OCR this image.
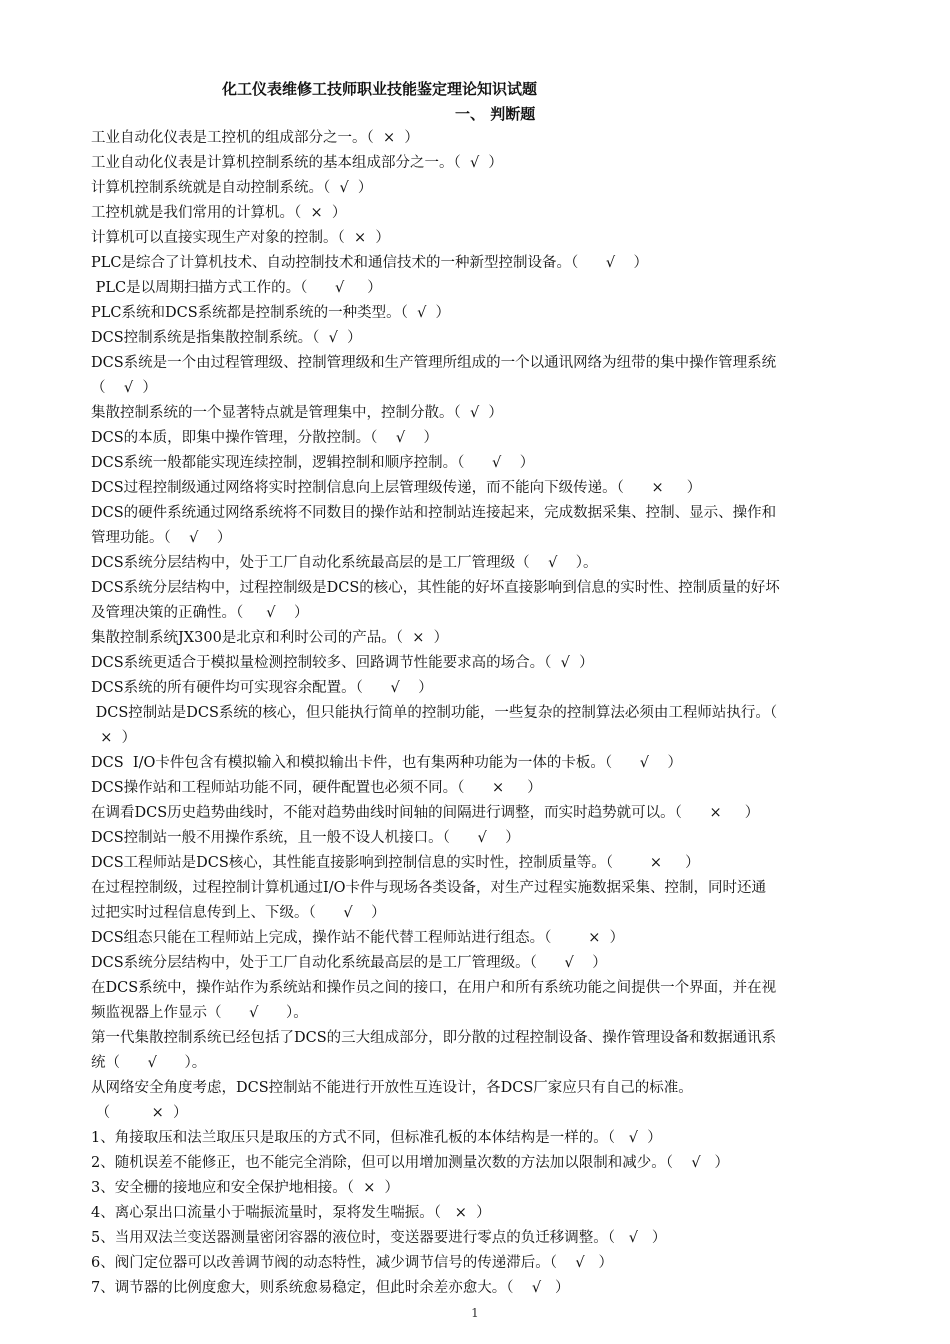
化工仪表维修工技师职业技能鉴定理论知识试题
一、 判断题
工业自动化仪表是工控机的组成部分之一。（  ×  ）
工业自动化仪表是计算机控制系统的基本组成部分之一。（  √  ）
计算机控制系统就是自动控制系统。（  √  ）
工控机就是我们常用的计算机。（  ×  ）
计算机可以直接实现生产对象的控制。（  ×  ）
PLC是综合了计算机技术、自动控制技术和通信技术的一种新型控制设备。（      √    ）
PLC是以周期扫描方式工作的。（      √     ）
PLC系统和DCS系统都是控制系统的一种类型。（  √  ）
DCS控制系统是指集散控制系统。（  √  ）
DCS系统是一个由过程管理级、控制管理级和生产管理所组成的一个以通讯网络为纽带的集中操作管理系统
（    √  ）
集散控制系统的一个显著特点就是管理集中，控制分散。（  √  ）
DCS的本质，即集中操作管理，分散控制。（    √    ）
DCS系统一般都能实现连续控制，逻辑控制和顺序控制。（      √    ）
DCS过程控制级通过网络将实时控制信息向上层管理级传递，而不能向下级传递。（      ×     ）
DCS的硬件系统通过网络系统将不同数目的操作站和控制站连接起来，完成数据采集、控制、显示、操作和
管理功能。（    √    ）
DCS系统分层结构中，处于工厂自动化系统最高层的是工厂管理级（    √    ）。
DCS系统分层结构中，过程控制级是DCS的核心，其性能的好坏直接影响到信息的实时性、控制质量的好坏
及管理决策的正确性。（     √    ）
集散控制系统JX300是北京和利时公司的产品。（  ×  ）
DCS系统更适合于模拟量检测控制较多、回路调节性能要求高的场合。（  √  ）
DCS系统的所有硬件均可实现容余配置。（      √    ）
DCS控制站是DCS系统的核心，但只能执行简单的控制功能，一些复杂的控制算法必须由工程师站执行。（
×  ）
DCS  I/O卡件包含有模拟输入和模拟输出卡件，也有集两种功能为一体的卡板。（      √    ）
DCS操作站和工程师站功能不同，硬件配置也必须不同。（      ×     ）
在调看DCS历史趋势曲线时，不能对趋势曲线时间轴的间隔进行调整，而实时趋势就可以。（      ×     ）
DCS控制站一般不用操作系统，且一般不设人机接口。（      √    ）
DCS工程师站是DCS核心，其性能直接影响到控制信息的实时性，控制质量等。（        ×     ）
在过程控制级，过程控制计算机通过I/O卡件与现场各类设备，对生产过程实施数据采集、控制，同时还通
过把实时过程信息传到上、下级。（      √    ）
DCS组态只能在工程师站上完成，操作站不能代替工程师站进行组态。（        ×  ）
DCS系统分层结构中，处于工厂自动化系统最高层的是工厂管理级。（      √    ）
在DCS系统中，操作站作为系统站和操作员之间的接口，在用户和所有系统功能之间提供一个界面，并在视
频监视器上作显示（      √      ）。
第一代集散控制系统已经包括了DCS的三大组成部分，即分散的过程控制设备、操作管理设备和数据通讯系
统（      √      ）。
从网络安全角度考虑，DCS控制站不能进行开放性互连设计，各DCS厂家应只有自己的标准。
（         ×  ）
1、角接取压和法兰取压只是取压的方式不同，但标准孔板的本体结构是一样的。（   √  ）
2、随机误差不能修正，也不能完全消除，但可以用增加测量次数的方法加以限制和减少。（    √   ）
3、安全栅的接地应和安全保护地相接。（  ×  ）
4、离心泵出口流量小于喘振流量时，泵将发生喘振。（   ×  ）
5、当用双法兰变送器测量密闭容器的液位时，变送器要进行零点的负迁移调整。（   √   ）
6、阀门定位器可以改善调节阀的动态特性，减少调节信号的传递滞后。（    √   ）
7、调节器的比例度愈大，则系统愈易稳定，但此时余差亦愈大。（    √   ）
1
